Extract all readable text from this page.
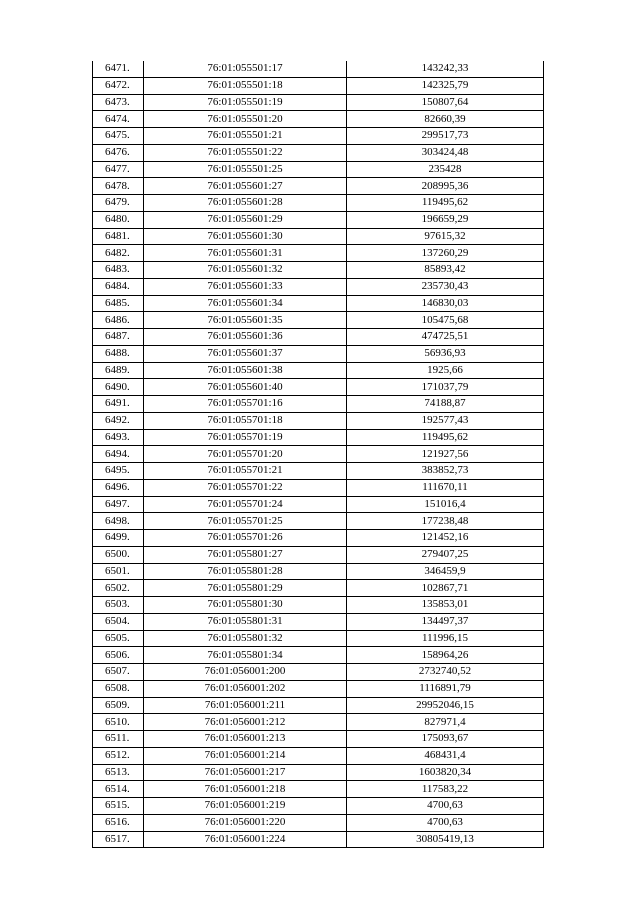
6471.	76:01:055501:17	143242,33
6472.	76:01:055501:18	142325,79
6473.	76:01:055501:19	150807,64
6474.	76:01:055501:20	82660,39
6475.	76:01:055501:21	299517,73
6476.	76:01:055501:22	303424,48
6477.	76:01:055501:25	235428
6478.	76:01:055601:27	208995,36
6479.	76:01:055601:28	119495,62
6480.	76:01:055601:29	196659,29
6481.	76:01:055601:30	97615,32
6482.	76:01:055601:31	137260,29
6483.	76:01:055601:32	85893,42
6484.	76:01:055601:33	235730,43
6485.	76:01:055601:34	146830,03
6486.	76:01:055601:35	105475,68
6487.	76:01:055601:36	474725,51
6488.	76:01:055601:37	56936,93
6489.	76:01:055601:38	1925,66
6490.	76:01:055601:40	171037,79
6491.	76:01:055701:16	74188,87
6492.	76:01:055701:18	192577,43
6493.	76:01:055701:19	119495,62
6494.	76:01:055701:20	121927,56
6495.	76:01:055701:21	383852,73
6496.	76:01:055701:22	111670,11
6497.	76:01:055701:24	151016,4
6498.	76:01:055701:25	177238,48
6499.	76:01:055701:26	121452,16
6500.	76:01:055801:27	279407,25
6501.	76:01:055801:28	346459,9
6502.	76:01:055801:29	102867,71
6503.	76:01:055801:30	135853,01
6504.	76:01:055801:31	134497,37
6505.	76:01:055801:32	111996,15
6506.	76:01:055801:34	158964,26
6507.	76:01:056001:200	2732740,52
6508.	76:01:056001:202	1116891,79
6509.	76:01:056001:211	29952046,15
6510.	76:01:056001:212	827971,4
6511.	76:01:056001:213	175093,67
6512.	76:01:056001:214	468431,4
6513.	76:01:056001:217	1603820,34
6514.	76:01:056001:218	117583,22
6515.	76:01:056001:219	4700,63
6516.	76:01:056001:220	4700,63
6517.	76:01:056001:224	30805419,13
